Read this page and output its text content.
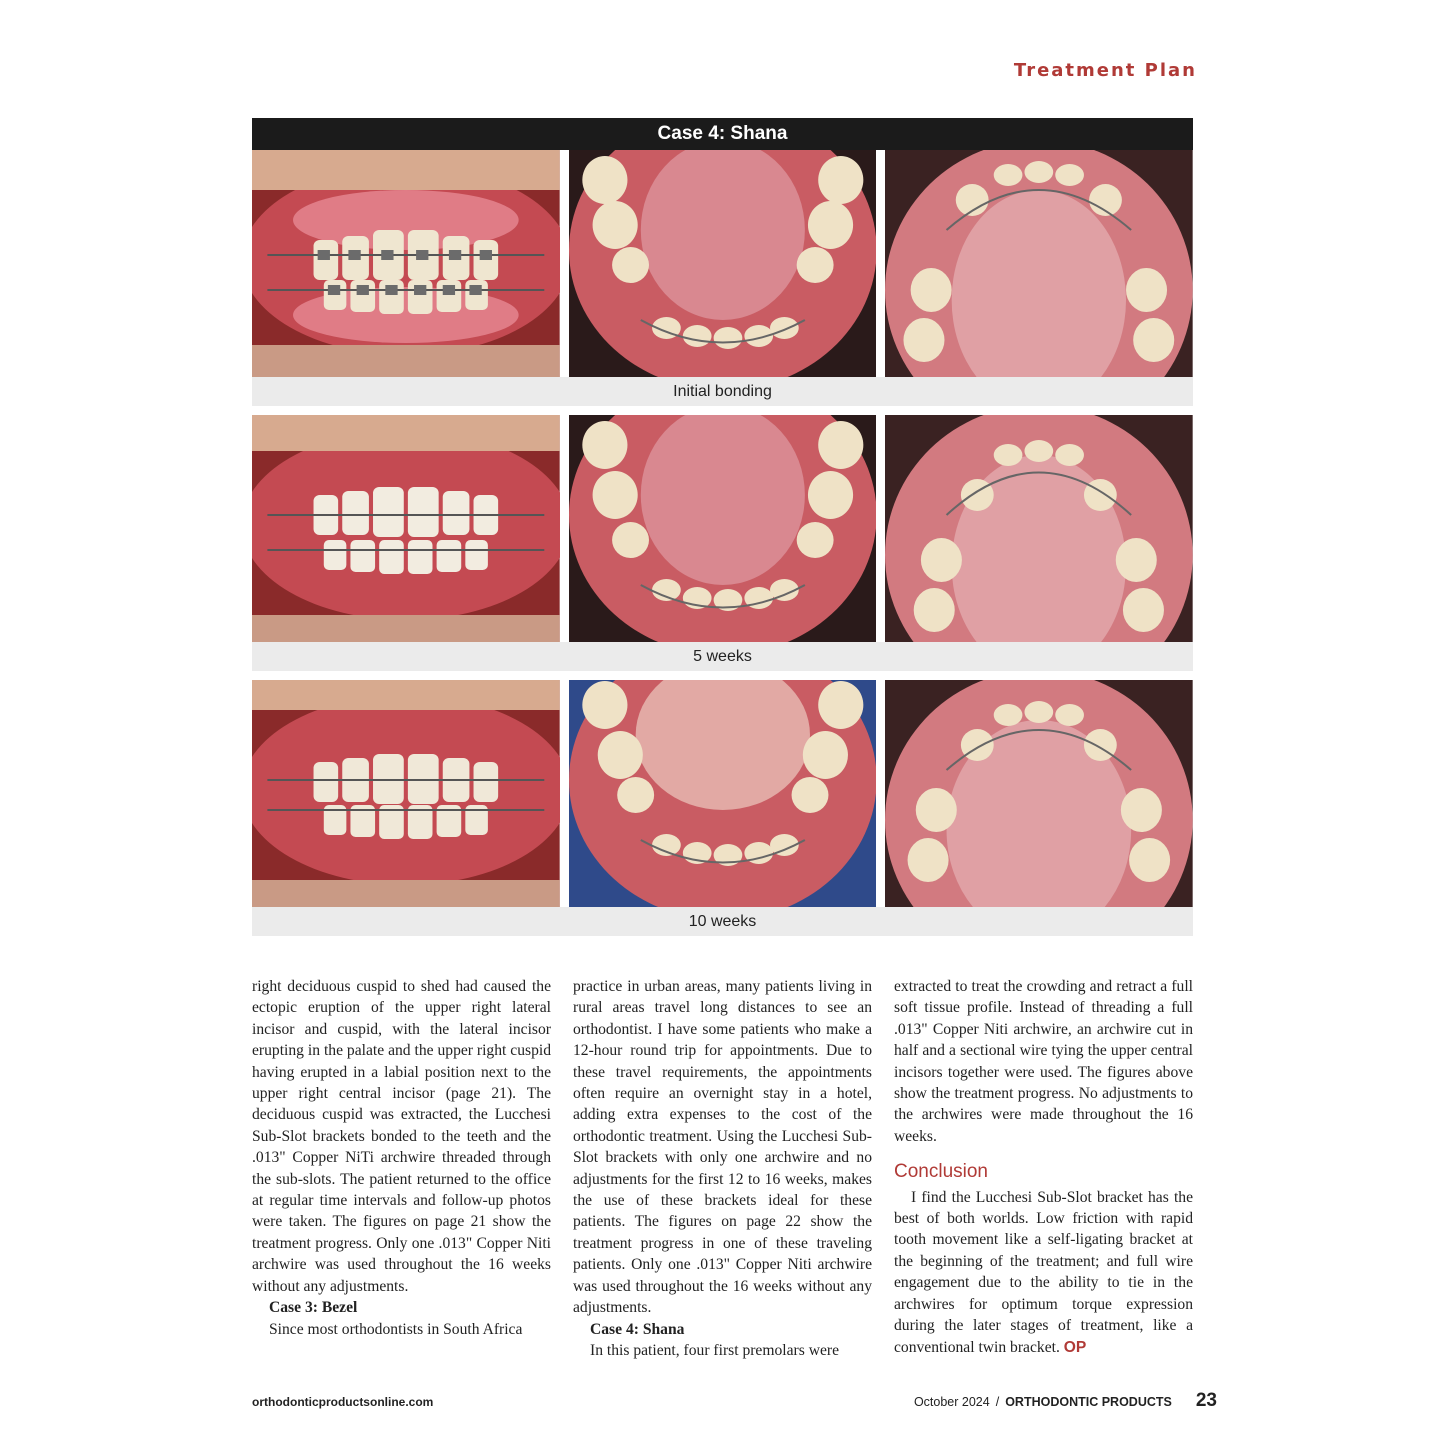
Treatment Plan
Case 4: Shana
Initial bonding
5 weeks
10 weeks

right deciduous cuspid to shed had caused the ectopic eruption of the upper right lateral incisor and cuspid, with the lateral incisor erupting in the palate and the upper right cuspid having erupted in a labial position next to the upper right central incisor (page 21). The deciduous cuspid was extracted, the Lucchesi Sub-Slot brackets bonded to the teeth and the .013" Copper NiTi archwire threaded through the sub-slots. The patient returned to the office at regular time intervals and follow-up photos were taken. The figures on page 21 show the treatment progress. Only one .013" Copper Niti archwire was used throughout the 16 weeks without any adjustments.

Case 3: Bezel

Since most orthodontists in South Africa

practice in urban areas, many patients living in rural areas travel long distances to see an orthodontist. I have some patients who make a 12-hour round trip for appointments. Due to these travel requirements, the appointments often require an overnight stay in a hotel, adding extra expenses to the cost of the orthodontic treatment. Using the Lucchesi Sub-Slot brackets with only one archwire and no adjustments for the first 12 to 16 weeks, makes the use of these brackets ideal for these patients. The figures on page 22 show the treatment progress in one of these traveling patients. Only one .013" Copper Niti archwire was used throughout the 16 weeks without any adjustments.

Case 4: Shana

In this patient, four first premolars were

extracted to treat the crowding and retract a full soft tissue profile. Instead of threading a full .013" Copper Niti archwire, an archwire cut in half and a sectional wire tying the upper central incisors together were used. The figures above show the treatment progress. No adjustments to the archwires were made throughout the 16 weeks.

Conclusion

I find the Lucchesi Sub-Slot bracket has the best of both worlds. Low friction with rapid tooth movement like a self-ligating bracket at the beginning of the treatment; and full wire engagement due to the ability to tie in the archwires for optimum torque expression during the later stages of treatment, like a conventional twin bracket. OP

orthodonticproductsonline.com	October 2024 / ORTHODONTIC PRODUCTS 23
